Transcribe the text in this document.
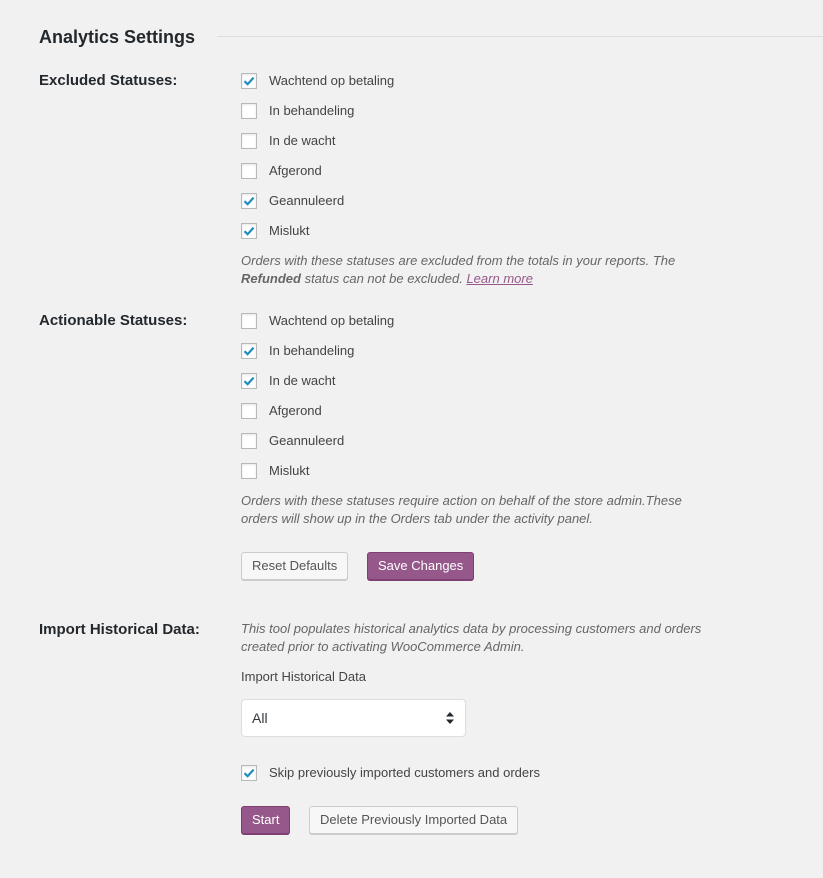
Analytics Settings
Excluded Statuses:	Wachtend op betaling
In behandeling
In de wacht
Afgerond
Geannuleerd
Mislukt

Orders with these statuses are excluded from the totals in your reports. The Refunded status can not be excluded. Learn more

Actionable Statuses:	Wachtend op betaling
In behandeling
In de wacht
Afgerond
Geannuleerd
Mislukt

Orders with these statuses require action on behalf of the store admin.These orders will show up in the Orders tab under the activity panel.

Reset Defaults	Save Changes
Import Historical Data:	This tool populates historical analytics data by processing customers and orders created prior to activating WooCommerce Admin.

Import Historical Data
All
Skip previously imported customers and orders
Start	Delete Previously Imported Data
